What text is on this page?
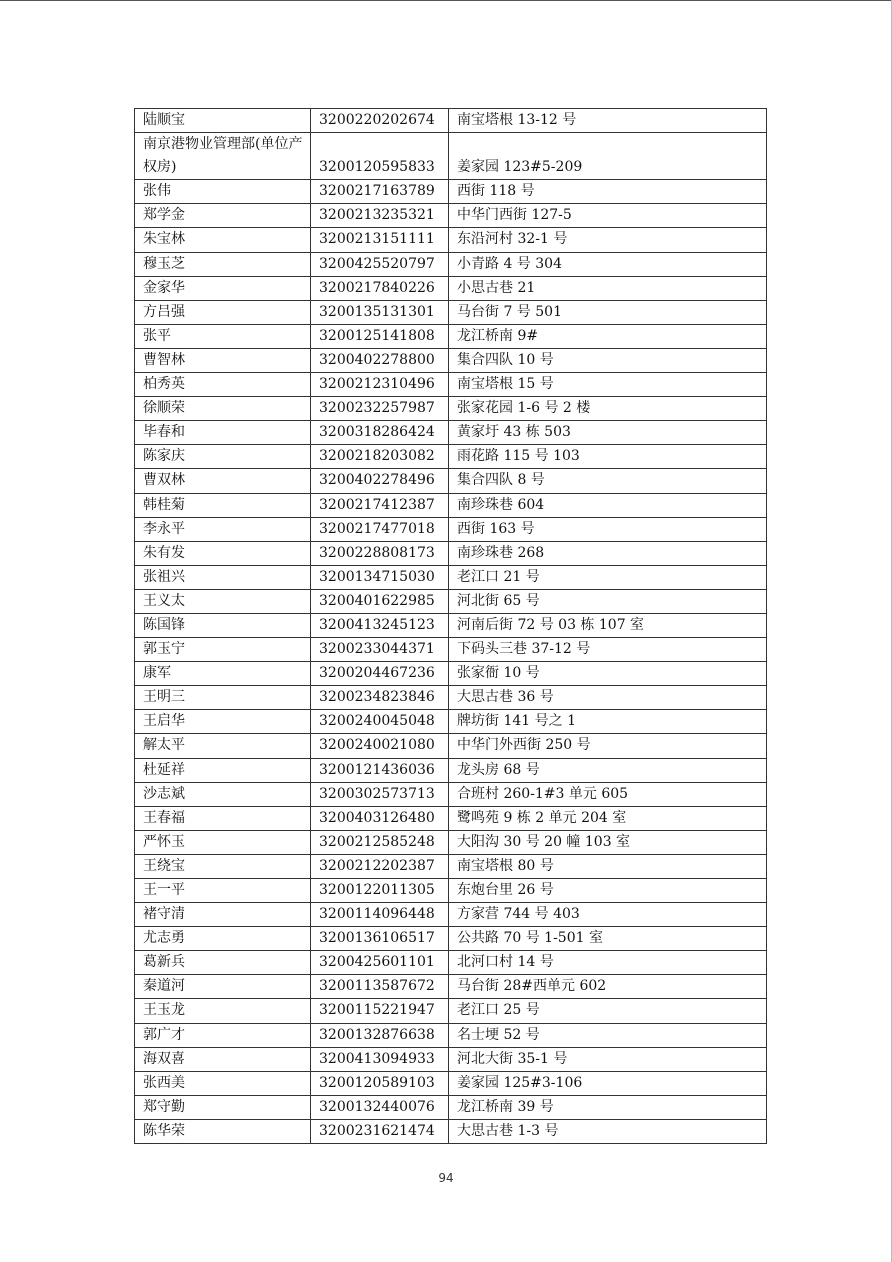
陆顺宝	3200220202674	南宝塔根 13-12 号
南京港物业管理部(单位产权房)	3200120595833	姜家园 123#5-209
张伟	3200217163789	西街 118 号
郑学金	3200213235321	中华门西街 127-5
朱宝林	3200213151111	东沿河村 32-1 号
穆玉芝	3200425520797	小青路 4 号 304
金家华	3200217840226	小思古巷 21
方吕强	3200135131301	马台街 7 号 501
张平	3200125141808	龙江桥南 9#
曹智林	3200402278800	集合四队 10 号
柏秀英	3200212310496	南宝塔根 15 号
徐顺荣	3200232257987	张家花园 1-6 号 2 楼
毕春和	3200318286424	黄家圩 43 栋 503
陈家庆	3200218203082	雨花路 115 号 103
曹双林	3200402278496	集合四队 8 号
韩桂菊	3200217412387	南珍珠巷 604
李永平	3200217477018	西街 163 号
朱有发	3200228808173	南珍珠巷 268
张祖兴	3200134715030	老江口 21 号
王义太	3200401622985	河北街 65 号
陈国锋	3200413245123	河南后街 72 号 03 栋 107 室
郭玉宁	3200233044371	下码头三巷 37-12 号
康军	3200204467236	张家衙 10 号
王明三	3200234823846	大思古巷 36 号
王启华	3200240045048	牌坊街 141 号之 1
解太平	3200240021080	中华门外西街 250 号
杜延祥	3200121436036	龙头房 68 号
沙志斌	3200302573713	合班村 260-1#3 单元 605
王春福	3200403126480	鹭鸣苑 9 栋 2 单元 204 室
严怀玉	3200212585248	大阳沟 30 号 20 幢 103 室
王绕宝	3200212202387	南宝塔根 80 号
王一平	3200122011305	东炮台里 26 号
褚守清	3200114096448	方家营 744 号 403
尤志勇	3200136106517	公共路 70 号 1-501 室
葛新兵	3200425601101	北河口村 14 号
秦道河	3200113587672	马台街 28#西单元 602
王玉龙	3200115221947	老江口 25 号
郭广才	3200132876638	名士埂 52 号
海双喜	3200413094933	河北大街 35-1 号
张西美	3200120589103	姜家园 125#3-106
郑守勤	3200132440076	龙江桥南 39 号
陈华荣	3200231621474	大思古巷 1-3 号
94
